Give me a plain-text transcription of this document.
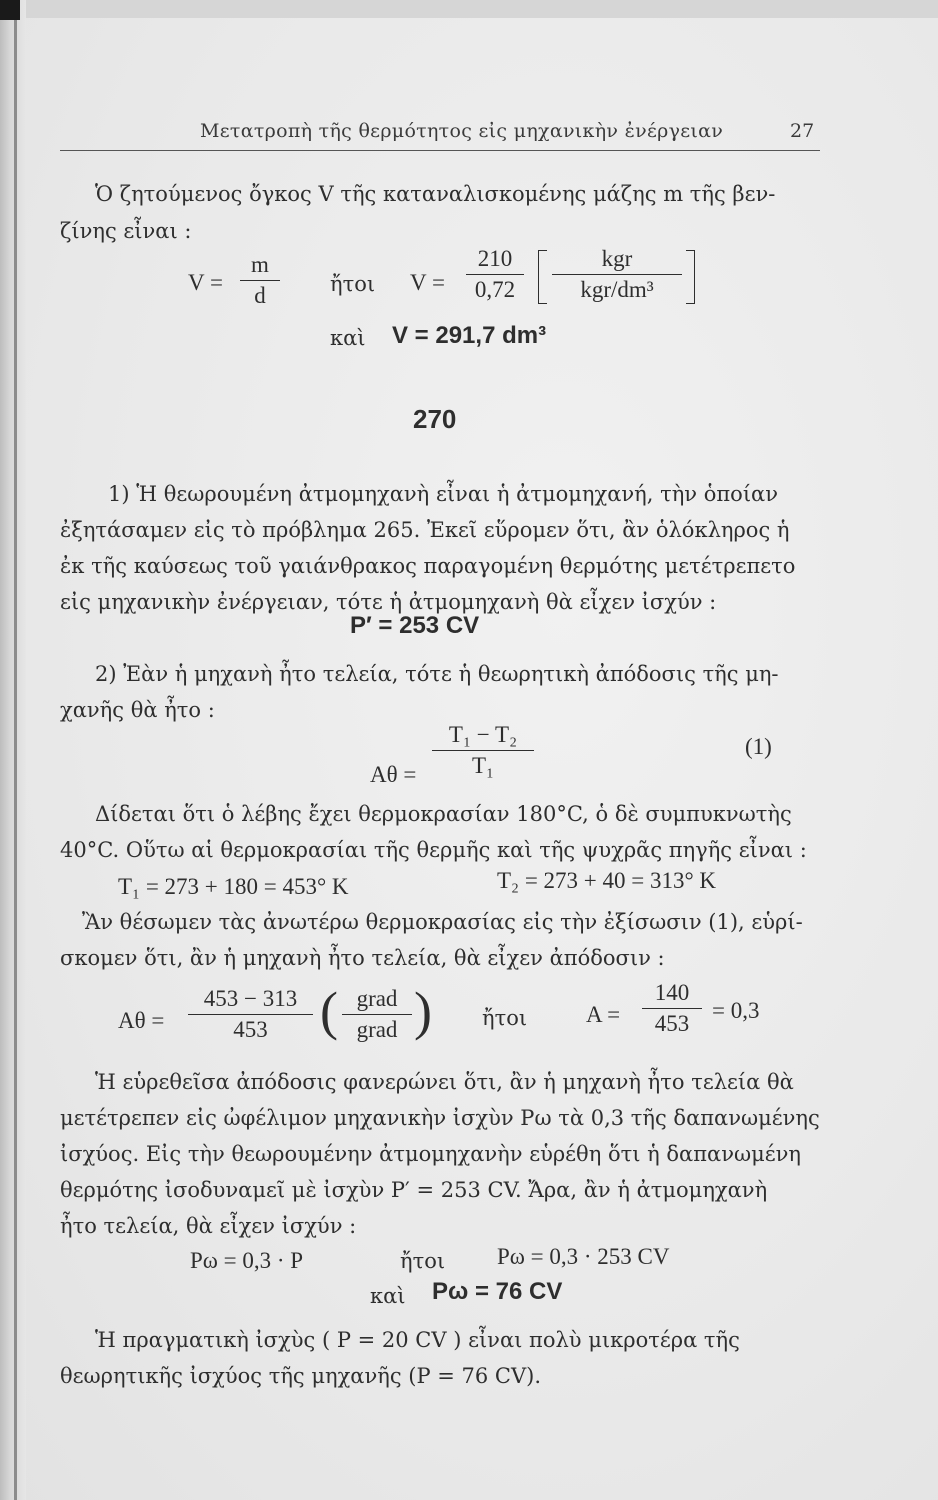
Μετατροπὴ τῆς θερμότητος εἰς μηχανικὴν ἐνέργειαν	27
Ὁ ζητούμενος ὄγκος V τῆς καταναλισκομένης μάζης m τῆς βεν-
ζίνης εἶναι :
V =
m
d	ἤτοι V =
210
0,72
kgr
kgr/dm³
καὶ V = 291,7 dm³
270
1) Ἡ θεωρουμένη ἀτμομηχανὴ εἶναι ἡ ἀτμομηχανή, τὴν ὁποίαν
ἐξητάσαμεν εἰς τὸ πρόβλημα 265. Ἐκεῖ εὕρομεν ὅτι, ἂν ὁλόκληρος ἡ
ἐκ τῆς καύσεως τοῦ γαιάνθρακος παραγομένη θερμότης μετέτρεπετο
εἰς μηχανικὴν ἐνέργειαν, τότε ἡ ἀτμομηχανὴ θὰ εἶχεν ἰσχύν :
P′ = 253 CV
2) Ἐὰν ἡ μηχανὴ ἦτο τελεία, τότε ἡ θεωρητικὴ ἀπόδοσις τῆς μη-
χανῆς θὰ ἦτο :
Aθ =
T₁ − T₂
T₁
(1)
Δίδεται ὅτι ὁ λέβης ἔχει θερμοκρασίαν 180°C, ὁ δὲ συμπυκνωτὴς
40°C. Οὕτω αἱ θερμοκρασίαι τῆς θερμῆς καὶ τῆς ψυχρᾶς πηγῆς εἶναι :
T₁ = 273 + 180 = 453° K	T₂ = 273 + 40 = 313° K
Ἂν θέσωμεν τὰς ἀνωτέρω θερμοκρασίας εἰς τὴν ἐξίσωσιν (1), εὑρί-
σκομεν ὅτι, ἂν ἡ μηχανὴ ἦτο τελεία, θὰ εἶχεν ἀπόδοσιν :
Aθ =
453 − 313
453 ( grad
grad ) ἤτοι	A =
140
453
= 0,3
Ἡ εὑρεθεῖσα ἀπόδοσις φανερώνει ὅτι, ἂν ἡ μηχανὴ ἦτο τελεία θὰ
μετέτρεπεν εἰς ὠφέλιμον μηχανικὴν ἰσχὺν Pω τὰ 0,3 τῆς δαπανωμένης
ἰσχύος. Εἰς τὴν θεωρουμένην ἀτμομηχανὴν εὑρέθη ὅτι ἡ δαπανωμένη
θερμότης ἰσοδυναμεῖ μὲ ἰσχὺν P′ = 253 CV. Ἄρα, ἂν ἡ ἀτμομηχανὴ
ἦτο τελεία, θὰ εἶχεν ἰσχύν :
Pω = 0,3 · P	ἤτοι Pω = 0,3 · 253 CV
καὶ Pω = 76 CV
Ἡ πραγματικὴ ἰσχὺς ( P = 20 CV ) εἶναι πολὺ μικροτέρα τῆς
θεωρητικῆς ἰσχύος τῆς μηχανῆς (P = 76 CV).
